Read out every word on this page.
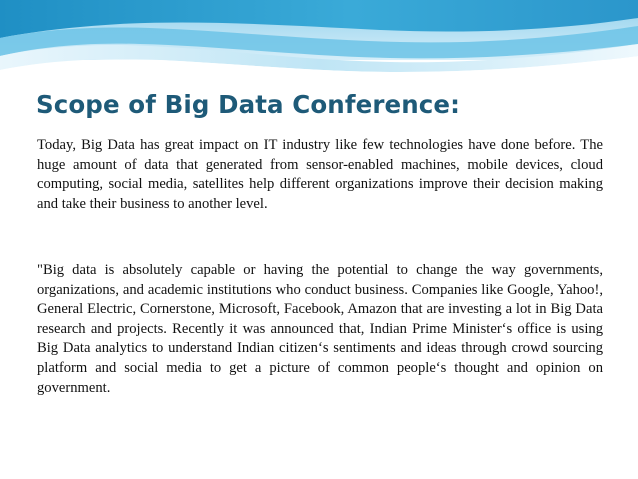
Scope of Big Data Conference:

Today, Big Data has great impact on IT industry like few technologies have done before. The huge amount of data that generated from sensor-enabled machines, mobile devices, cloud computing, social media, satellites help different organizations improve their decision making and take their business to another level.

"Big data is absolutely capable or having the potential to change the way governments, organizations, and academic institutions who conduct business. Companies like Google, Yahoo!, General Electric, Cornerstone, Microsoft, Facebook, Amazon that are investing a lot in Big Data research and projects. Recently it was announced that, Indian Prime Minister‘s office is using Big Data analytics to understand Indian citizen‘s sentiments and ideas through crowd sourcing platform and social media to get a picture of common people‘s thought and opinion on government.
